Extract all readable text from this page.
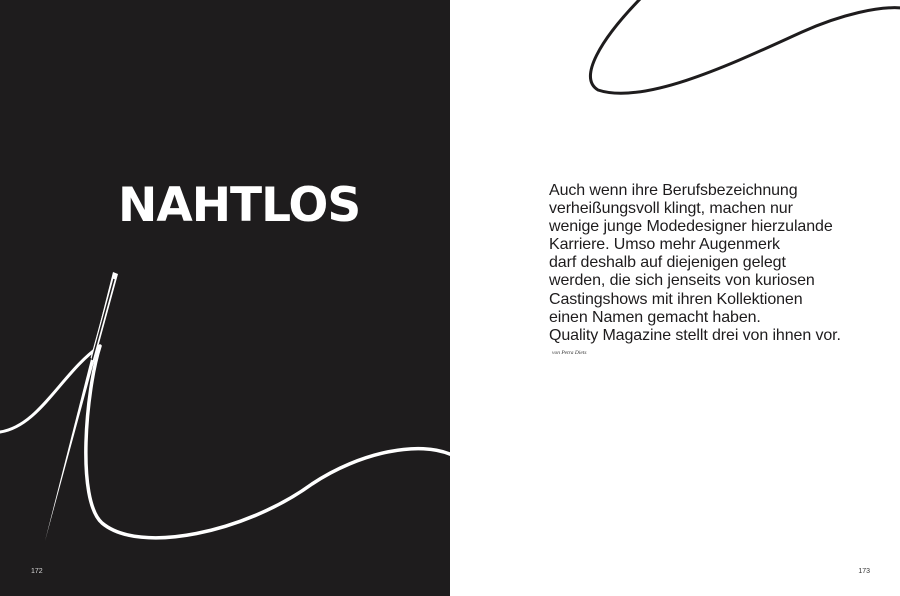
NAHTLOS
172
Auch wenn ihre Berufsbezeichnung
verheißungsvoll klingt, machen nur
wenige junge Modedesigner hierzulande
Karriere. Umso mehr Augenmerk
darf deshalb auf diejenigen gelegt
werden, die sich jenseits von kuriosen
Castingshows mit ihren Kollektionen
einen Namen gemacht haben.
Quality Magazine stellt drei von ihnen vor.
von Petra Diets
173
